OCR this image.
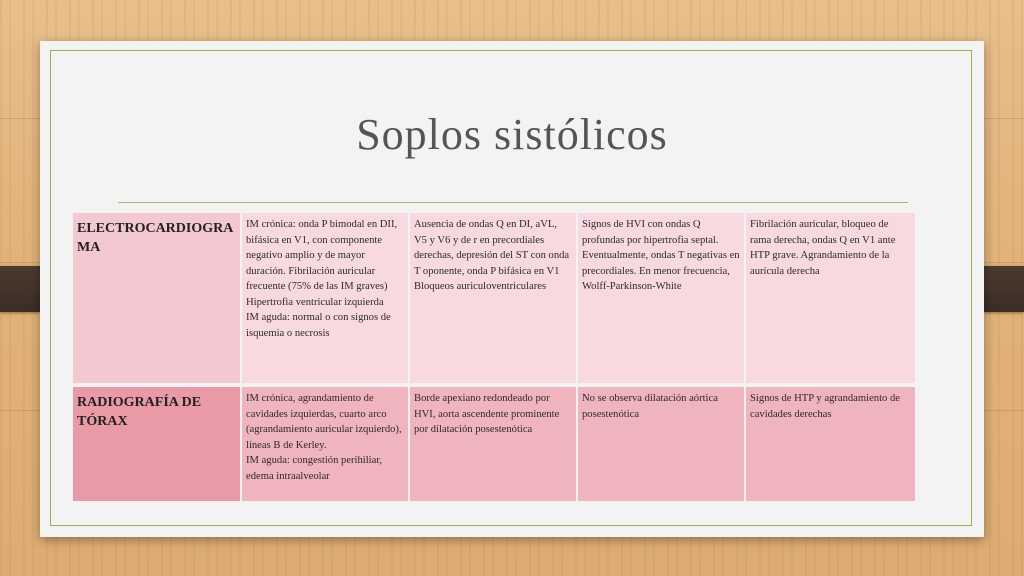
Soplos sistólicos
ELECTROCARDIOGRAMA	IM crónica: onda P bimodal en DII, bifásica en V1, con componente negativo amplio y de mayor duración. Fibrilación auricular frecuente (75% de las IM graves)
Hipertrofia ventricular izquierda
IM aguda: normal o con signos de isquemia o necrosis	Ausencia de ondas Q en DI, aVL, V5 y V6 y de r en precordiales derechas, depresión del ST con onda T oponente, onda P bifásica en V1
Bloqueos auriculoventriculares	Signos de HVI con ondas Q profundas por hipertrofia septal. Eventualmente, ondas T negativas en precordiales. En menor frecuencia, Wolff-Parkinson-White	Fibrilación auricular, bloqueo de rama derecha, ondas Q en V1 ante HTP grave. Agrandamiento de la aurícula derecha

RADIOGRAFÍA DE TÓRAX	IM crónica, agrandamiento de cavidades izquierdas, cuarto arco (agrandamiento auricular izquierdo), líneas B de Kerley.
IM aguda: congestión perihiliar, edema intraalveolar	Borde apexiano redondeado por HVI, aorta ascendente prominente por dilatación posestenótica	No se observa dilatación aórtica posestenótica	Signos de HTP y agrandamiento de cavidades derechas
